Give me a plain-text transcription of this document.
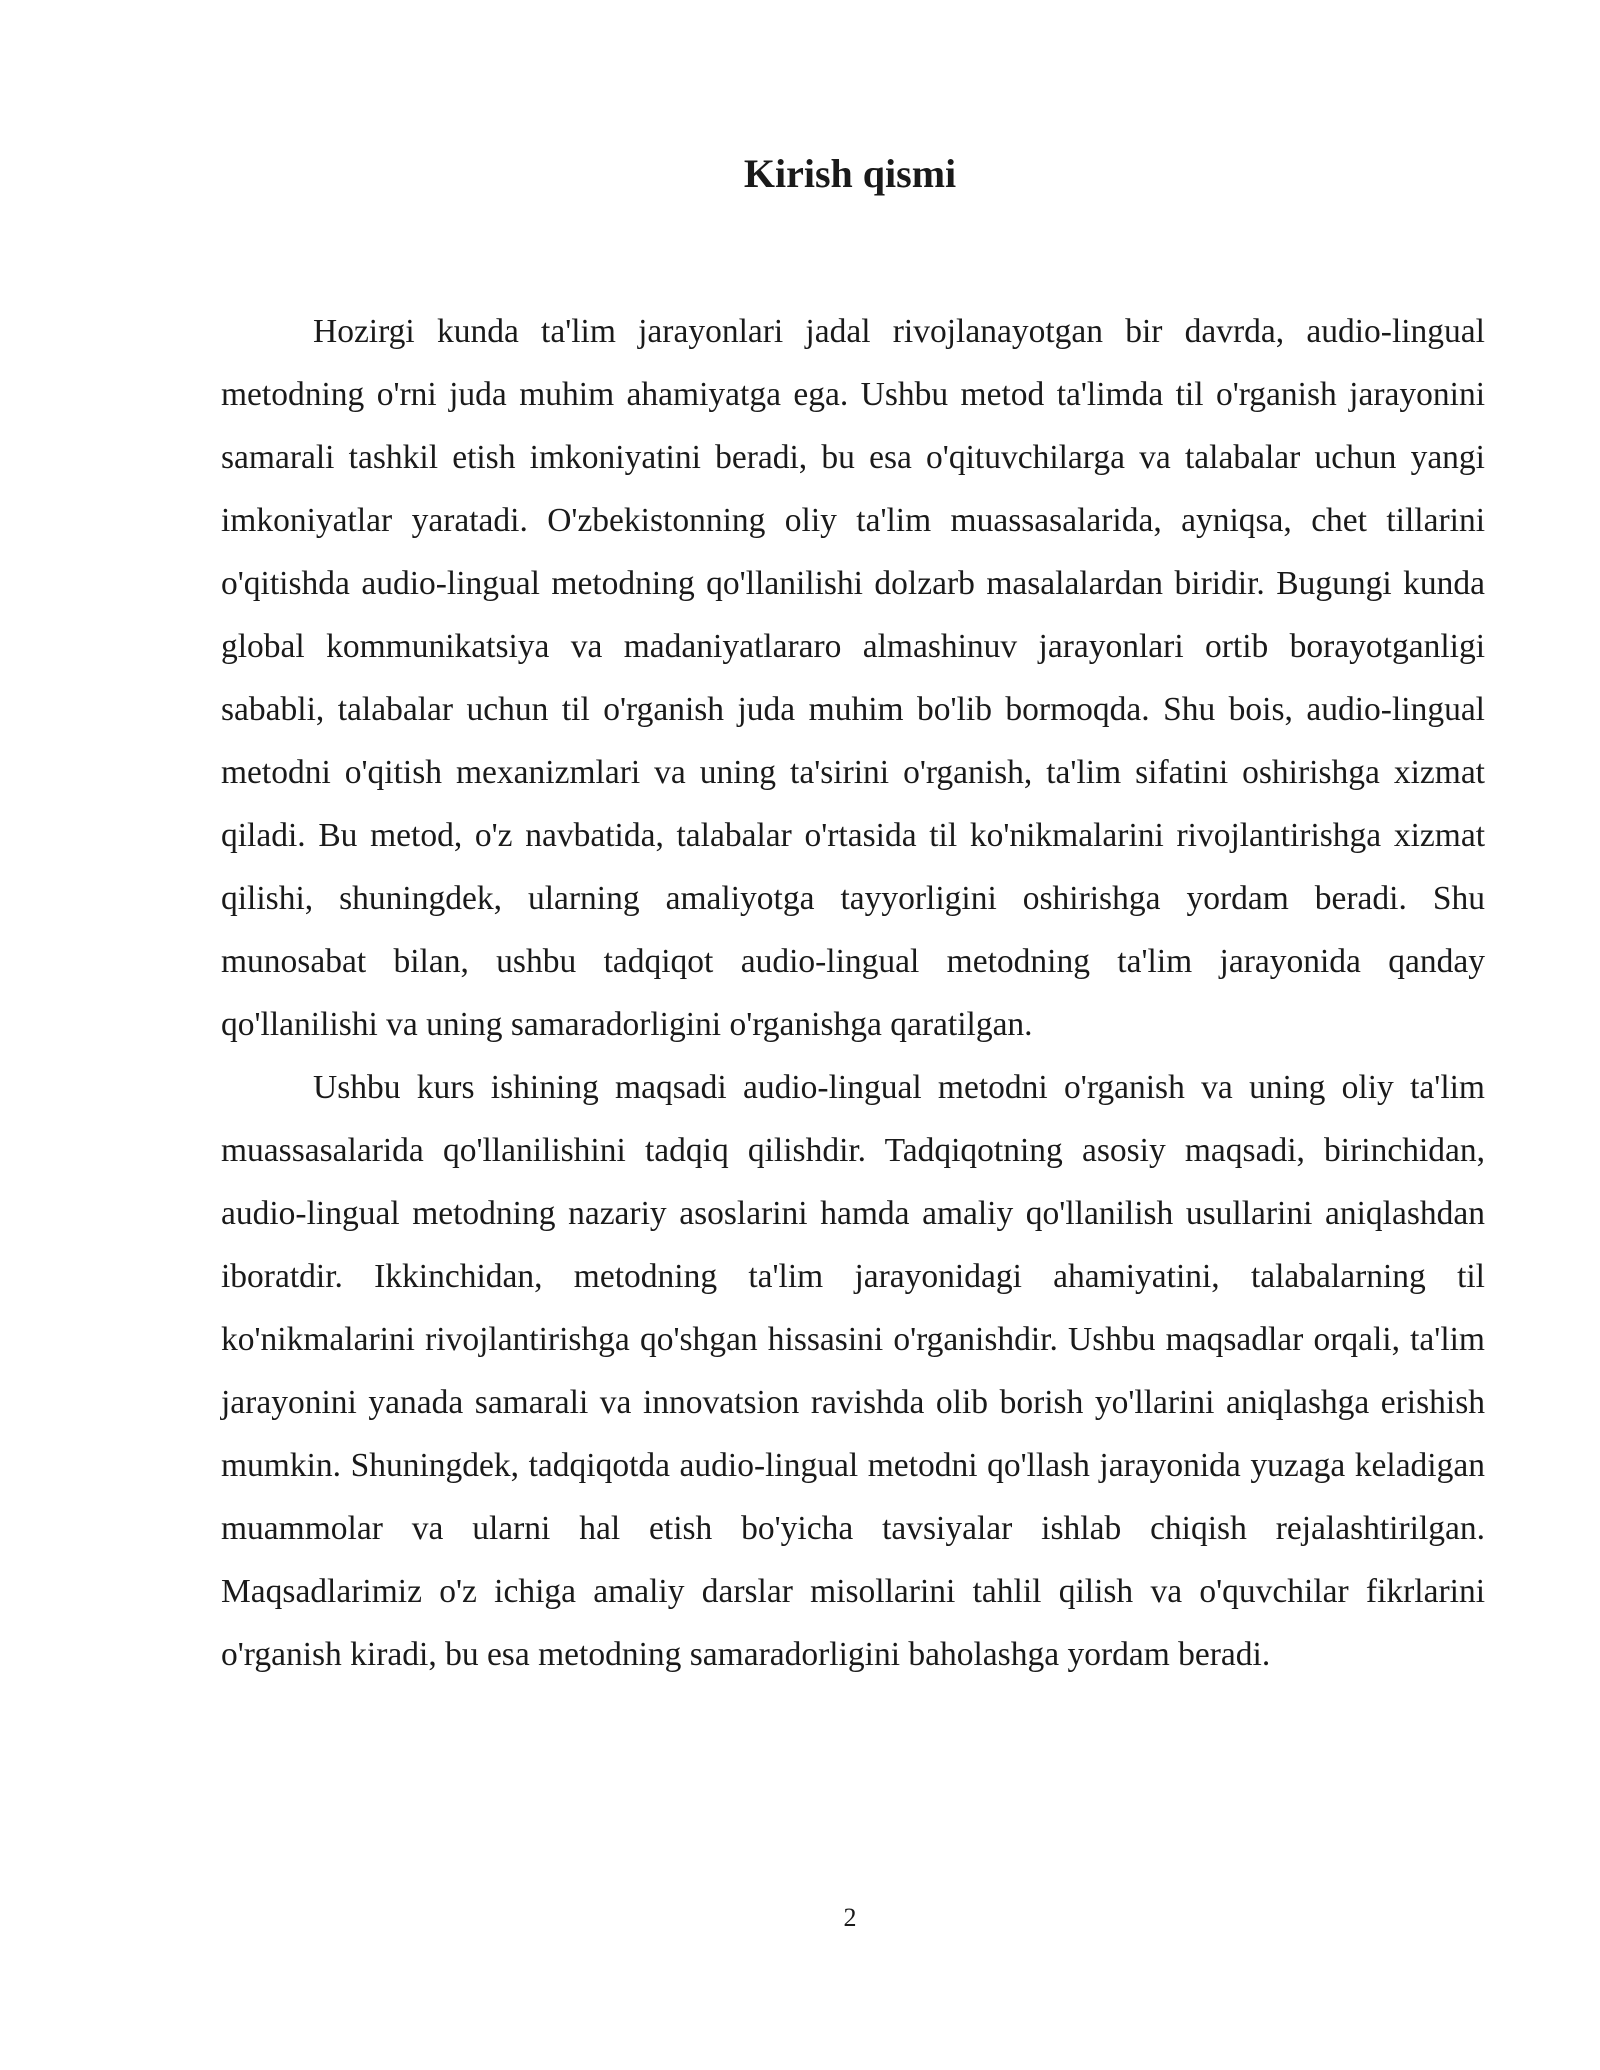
Kirish qismi

Hozirgi kunda ta'lim jarayonlari jadal rivojlanayotgan bir davrda, audio-lingual metodning o'rni juda muhim ahamiyatga ega. Ushbu metod ta'limda til o'rganish jarayonini samarali tashkil etish imkoniyatini beradi, bu esa o'qituvchilarga va talabalar uchun yangi imkoniyatlar yaratadi. O'zbekistonning oliy ta'lim muassasalarida, ayniqsa, chet tillarini o'qitishda audio-lingual metodning qo'llanilishi dolzarb masalalardan biridir. Bugungi kunda global kommunikatsiya va madaniyatlararo almashinuv jarayonlari ortib borayotganligi sababli, talabalar uchun til o'rganish juda muhim bo'lib bormoqda. Shu bois, audio-lingual metodni o'qitish mexanizmlari va uning ta'sirini o'rganish, ta'lim sifatini oshirishga xizmat qiladi. Bu metod, o'z navbatida, talabalar o'rtasida til ko'nikmalarini rivojlantirishga xizmat qilishi, shuningdek, ularning amaliyotga tayyorligini oshirishga yordam beradi. Shu munosabat bilan, ushbu tadqiqot audio-lingual metodning ta'lim jarayonida qanday qo'llanilishi va uning samaradorligini o'rganishga qaratilgan.

Ushbu kurs ishining maqsadi audio-lingual metodni o'rganish va uning oliy ta'lim muassasalarida qo'llanilishini tadqiq qilishdir. Tadqiqotning asosiy maqsadi, birinchidan, audio-lingual metodning nazariy asoslarini hamda amaliy qo'llanilish usullarini aniqlashdan iboratdir. Ikkinchidan, metodning ta'lim jarayonidagi ahamiyatini, talabalarning til ko'nikmalarini rivojlantirishga qo'shgan hissasini o'rganishdir. Ushbu maqsadlar orqali, ta'lim jarayonini yanada samarali va innovatsion ravishda olib borish yo'llarini aniqlashga erishish mumkin. Shuningdek, tadqiqotda audio-lingual metodni qo'llash jarayonida yuzaga keladigan muammolar va ularni hal etish bo'yicha tavsiyalar ishlab chiqish rejalashtirilgan. Maqsadlarimiz o'z ichiga amaliy darslar misollarini tahlil qilish va o'quvchilar fikrlarini o'rganish kiradi, bu esa metodning samaradorligini baholashga yordam beradi.

2
